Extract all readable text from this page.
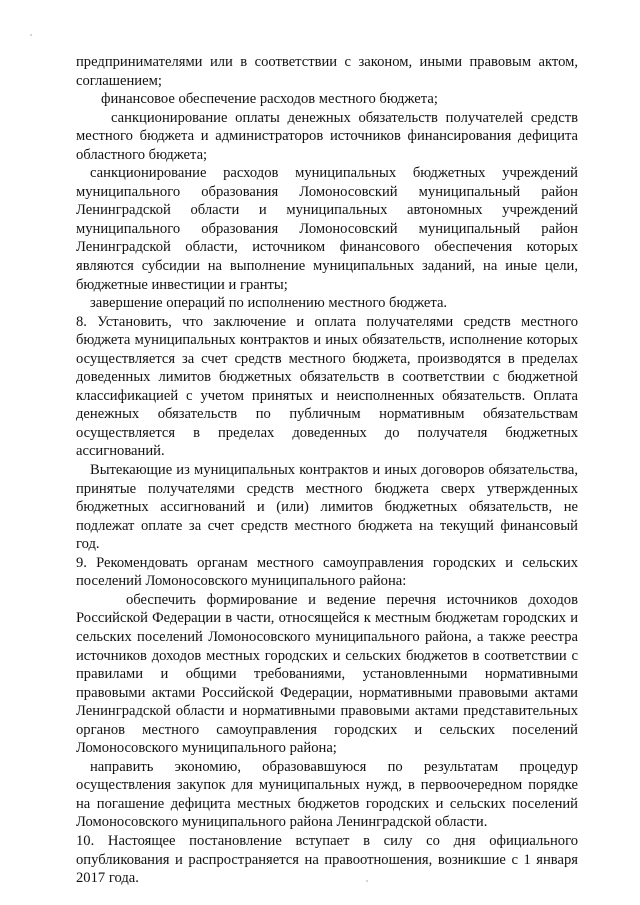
предпринимателями или в соответствии с законом, иными правовым актом, соглашением;

финансовое обеспечение расходов местного бюджета;

санкционирование оплаты денежных обязательств получателей средств местного бюджета и администраторов источников финансирования дефицита областного бюджета;

санкционирование расходов муниципальных бюджетных учреждений муниципального образования Ломоносовский муниципальный район Ленинградской области и муниципальных автономных учреждений муниципального образования Ломоносовский муниципальный район Ленинградской области, источником финансового обеспечения которых являются субсидии на выполнение муниципальных заданий, на иные цели, бюджетные инвестиции и гранты;

завершение операций по исполнению местного бюджета.

8. Установить, что заключение и оплата получателями средств местного бюджета муниципальных контрактов и иных обязательств, исполнение которых осуществляется за счет средств местного бюджета, производятся в пределах доведенных лимитов бюджетных обязательств в соответствии с бюджетной классификацией с учетом принятых и неисполненных обязательств. Оплата денежных обязательств по публичным нормативным обязательствам осуществляется в пределах доведенных до получателя бюджетных ассигнований.

Вытекающие из муниципальных контрактов и иных договоров обязательства, принятые получателями средств местного бюджета сверх утвержденных бюджетных ассигнований и (или) лимитов бюджетных обязательств, не подлежат оплате за счет средств местного бюджета на текущий финансовый год.

9. Рекомендовать органам местного самоуправления городских и сельских поселений Ломоносовского муниципального района:

обеспечить формирование и ведение перечня источников доходов Российской Федерации в части, относящейся к местным бюджетам городских и сельских поселений Ломоносовского муниципального района, а также реестра источников доходов местных городских и сельских бюджетов в соответствии с правилами и общими требованиями, установленными нормативными правовыми актами Российской Федерации, нормативными правовыми актами Ленинградской области и нормативными правовыми актами представительных органов местного самоуправления городских и сельских поселений Ломоносовского муниципального района;

направить экономию, образовавшуюся по результатам процедур осуществления закупок для муниципальных нужд, в первоочередном порядке на погашение дефицита местных бюджетов городских и сельских поселений Ломоносовского муниципального района Ленинградской области.

10. Настоящее постановление вступает в силу со дня официального опубликования и распространяется на правоотношения, возникшие с 1 января 2017 года.
